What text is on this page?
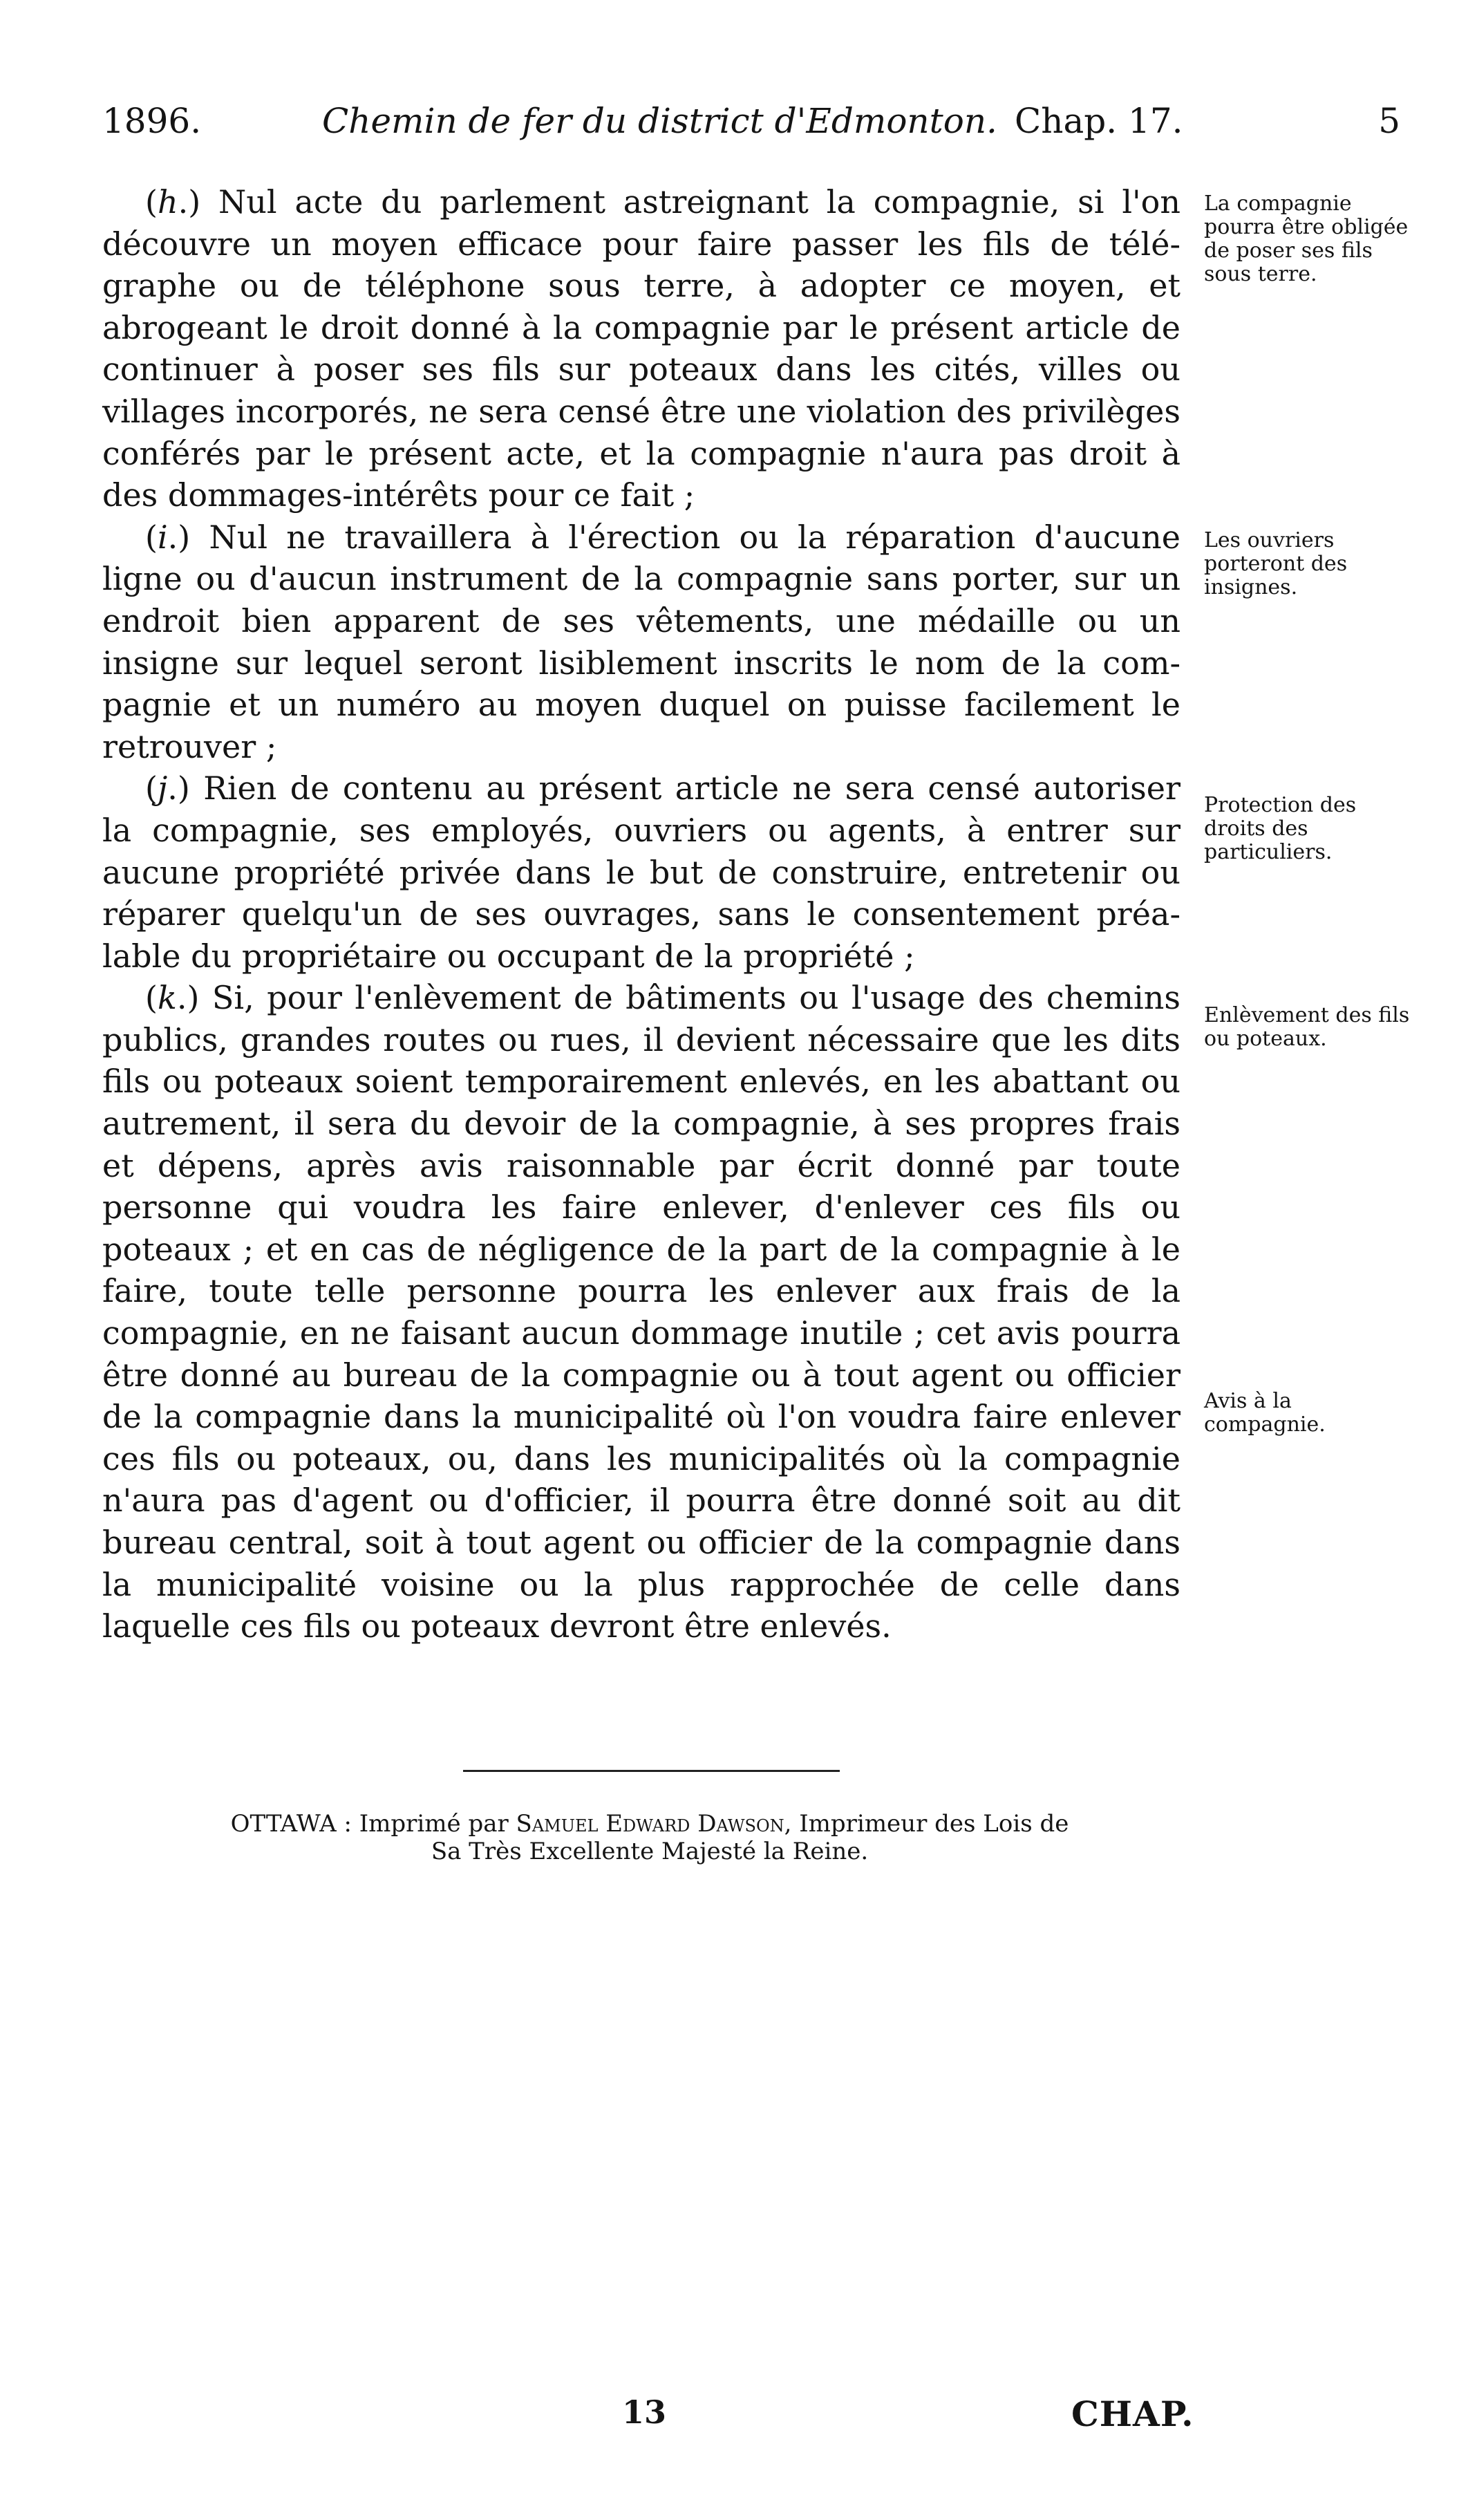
1896.	Chemin de fer du district d'Edmonton. Chap. 17.	5

(h.) Nul acte du parlement astreignant la compagnie, si l'on découvre un moyen efficace pour faire passer les fils de télégraphe ou de téléphone sous terre, à adopter ce moyen, et abrogeant le droit donné à la compagnie par le présent article de continuer à poser ses fils sur poteaux dans les cités, villes ou villages incorporés, ne sera censé être une violation des privilèges conférés par le présent acte, et la compagnie n'aura pas droit à des dommages-intérêts pour ce fait ;

(i.) Nul ne travaillera à l'érection ou la réparation d'aucune ligne ou d'aucun instrument de la compagnie sans porter, sur un endroit bien apparent de ses vêtements, une médaille ou un insigne sur lequel seront lisiblement inscrits le nom de la compagnie et un numéro au moyen duquel on puisse facilement le retrouver ;

(j.) Rien de contenu au présent article ne sera censé autoriser la compagnie, ses employés, ouvriers ou agents, à entrer sur aucune propriété privée dans le but de construire, entretenir ou réparer quelqu'un de ses ouvrages, sans le consentement préalable du propriétaire ou occupant de la propriété ;

(k.) Si, pour l'enlèvement de bâtiments ou l'usage des chemins publics, grandes routes ou rues, il devient nécessaire que les dits fils ou poteaux soient temporairement enlevés, en les abattant ou autrement, il sera du devoir de la compagnie, à ses propres frais et dépens, après avis raisonnable par écrit donné par toute personne qui voudra les faire enlever, d'enlever ces fils ou poteaux ; et en cas de négligence de la part de la compagnie à le faire, toute telle personne pourra les enlever aux frais de la compagnie, en ne faisant aucun dommage inutile ; cet avis pourra être donné au bureau de la compagnie ou à tout agent ou officier de la compagnie dans la municipalité où l'on voudra faire enlever ces fils ou poteaux, ou, dans les municipalités où la compagnie n'aura pas d'agent ou d'officier, il pourra être donné soit au dit bureau central, soit à tout agent ou officier de la compagnie dans la municipalité voisine ou la plus rapprochée de celle dans laquelle ces fils ou poteaux devront être enlevés.

La compagnie pourra être obligée de poser ses fils sous terre.
Les ouvriers porteront des insignes.
Protection des droits des particuliers.
Enlèvement des fils ou poteaux.
Avis à la compagnie.
OTTAWA : Imprimé par Samuel Edward Dawson, Imprimeur des Lois de
Sa Très Excellente Majesté la Reine.
13	CHAP.
